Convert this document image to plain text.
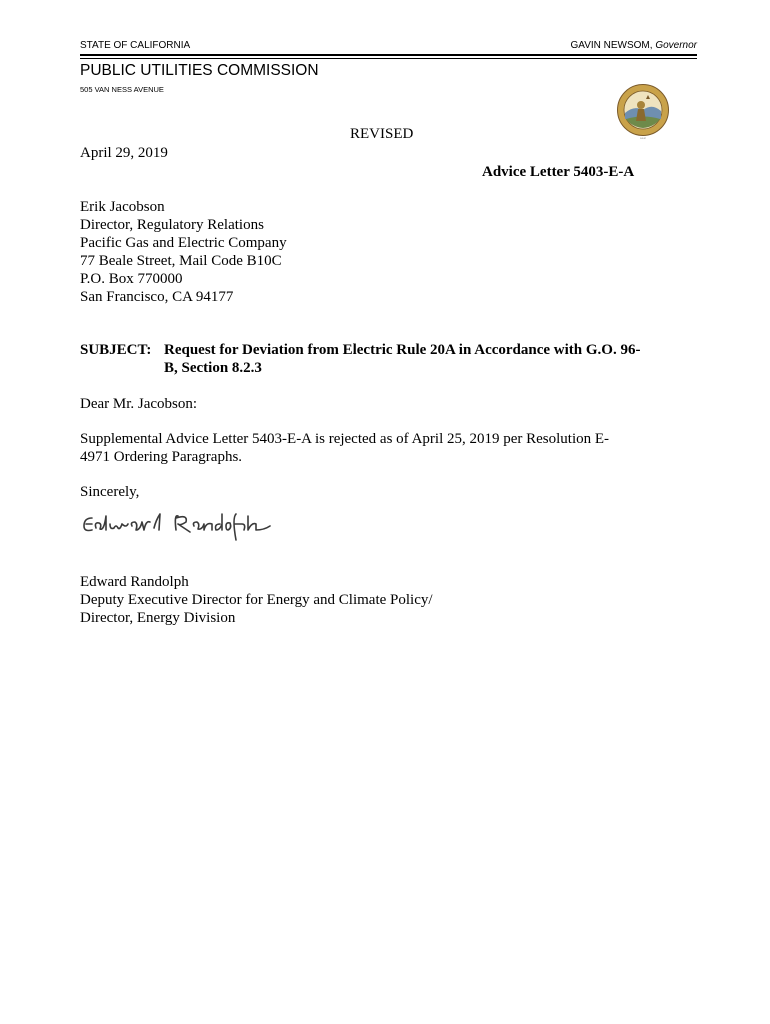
STATE OF CALIFORNIA	GAVIN NEWSOM, Governor
PUBLIC UTILITIES COMMISSION
505 VAN NESS AVENUE
seal
REVISED
April 29, 2019
Advice Letter 5403-E-A
Erik Jacobson
Director, Regulatory Relations
Pacific Gas and Electric Company
77 Beale Street, Mail Code B10C
P.O. Box 770000
San Francisco, CA 94177
SUBJECT: Request for Deviation from Electric Rule 20A in Accordance with G.O. 96-
B, Section 8.2.3
Dear Mr. Jacobson:
Supplemental Advice Letter 5403-E-A is rejected as of April 25, 2019 per Resolution E-
4971 Ordering Paragraphs.
Sincerely,
Edward Randolph
Deputy Executive Director for Energy and Climate Policy/
Director, Energy Division
